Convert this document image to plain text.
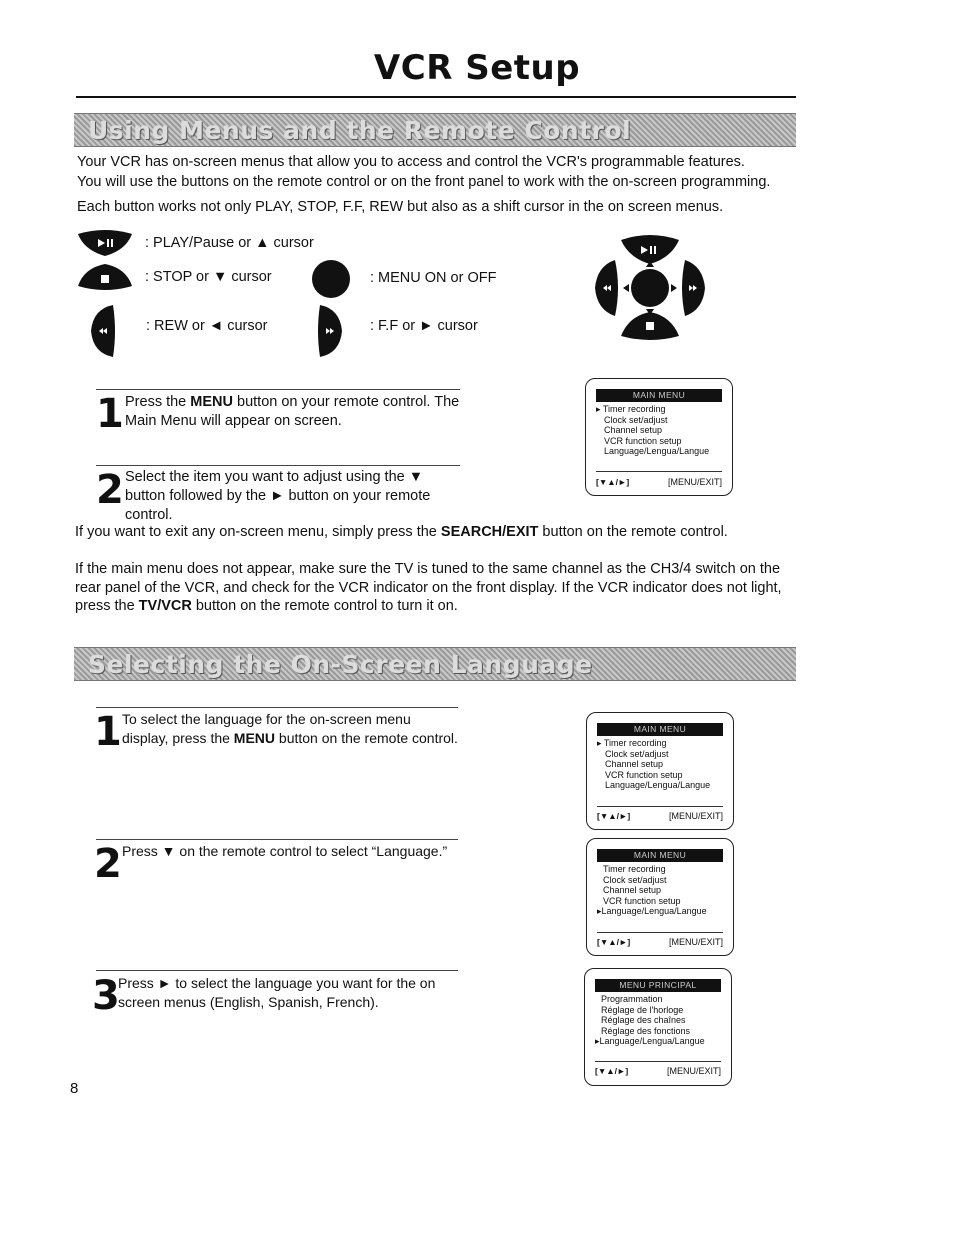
VCR Setup
Using Menus and the Remote Control
Your VCR has on-screen menus that allow you to access and control the VCR's programmable features.
You will use the buttons on the remote control or on the front panel to work with the on-screen programming.
Each button works not only PLAY, STOP, F.F, REW but also as a shift cursor in the on screen menus.
: PLAY/Pause or ▲ cursor
: STOP or ▼ cursor	: MENU ON or OFF
: REW or ◄ cursor	: F.F or ► cursor
1 Press the MENU button on your remote control. The Main Menu will appear on screen.
2 Select the item you want to adjust using the ▼ button followed by the ► button on your remote control.
MAIN MENU
▸ Timer recording
Clock set/adjust
Channel setup
VCR function setup
Language/Lengua/Langue
[▼▲/►]	[MENU/EXIT]
If you want to exit any on-screen menu, simply press the SEARCH/EXIT button on the remote control.
If the main menu does not appear, make sure the TV is tuned to the same channel as the CH3/4 switch on the
rear panel of the VCR, and check for the VCR indicator on the front display. If the VCR indicator does not light,
press the TV/VCR button on the remote control to turn it on.
Selecting the On-Screen Language
1 To select the language for the on-screen menu display, press the MENU button on the remote control.
2 Press ▼ on the remote control to select “Language.”
3
Press ► to select the language you want for the on screen menus (English, Spanish, French).
MAIN MENU
▸ Timer recording
Clock set/adjust
Channel setup
VCR function setup
Language/Lengua/Langue
[▼▲/►]	[MENU/EXIT]
MAIN MENU
Timer recording
Clock set/adjust
Channel setup
VCR function setup
▸Language/Lengua/Langue
[▼▲/►]	[MENU/EXIT]
MENU PRINCIPAL
Programmation
Réglage de l'horloge
Réglage des chaînes
Réglage des fonctions
▸Language/Lengua/Langue
[▼▲/►]	[MENU/EXIT]
8
